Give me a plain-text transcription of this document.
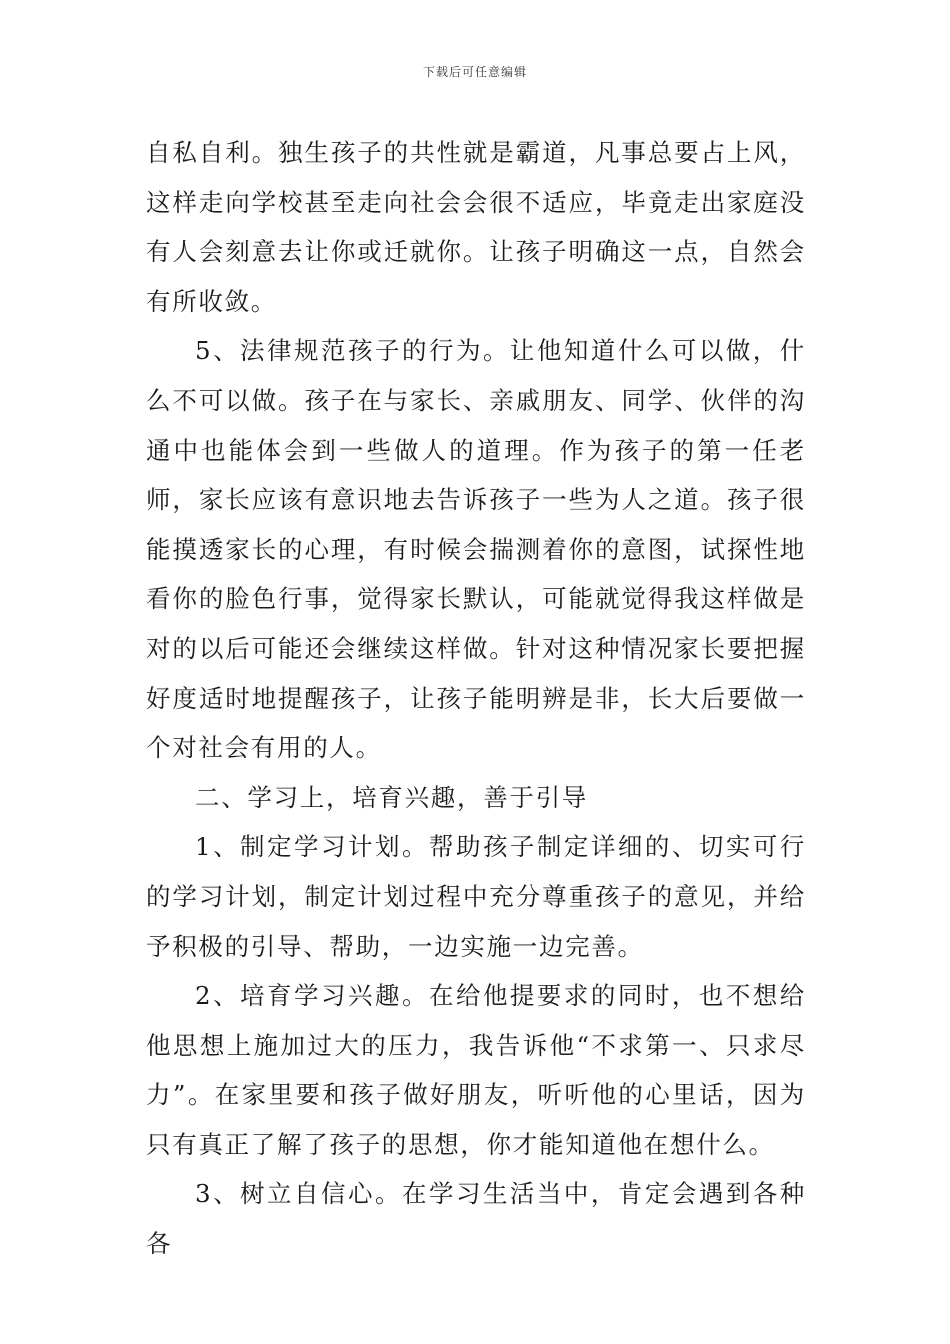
下载后可任意编辑

自私自利。独生孩子的共性就是霸道，凡事总要占上风，这样走向学校甚至走向社会会很不适应，毕竟走出家庭没有人会刻意去让你或迁就你。让孩子明确这一点，自然会有所收敛。

5、法律规范孩子的行为。让他知道什么可以做，什么不可以做。孩子在与家长、亲戚朋友、同学、伙伴的沟通中也能体会到一些做人的道理。作为孩子的第一任老师，家长应该有意识地去告诉孩子一些为人之道。孩子很能摸透家长的心理，有时候会揣测着你的意图，试探性地看你的脸色行事，觉得家长默认，可能就觉得我这样做是对的以后可能还会继续这样做。针对这种情况家长要把握好度适时地提醒孩子，让孩子能明辨是非，长大后要做一个对社会有用的人。

二、学习上，培育兴趣，善于引导

1、制定学习计划。帮助孩子制定详细的、切实可行的学习计划，制定计划过程中充分尊重孩子的意见，并给予积极的引导、帮助，一边实施一边完善。

2、培育学习兴趣。在给他提要求的同时，也不想给他思想上施加过大的压力，我告诉他“不求第一、只求尽力”。在家里要和孩子做好朋友，听听他的心里话，因为只有真正了解了孩子的思想，你才能知道他在想什么。

3、树立自信心。在学习生活当中，肯定会遇到各种各
